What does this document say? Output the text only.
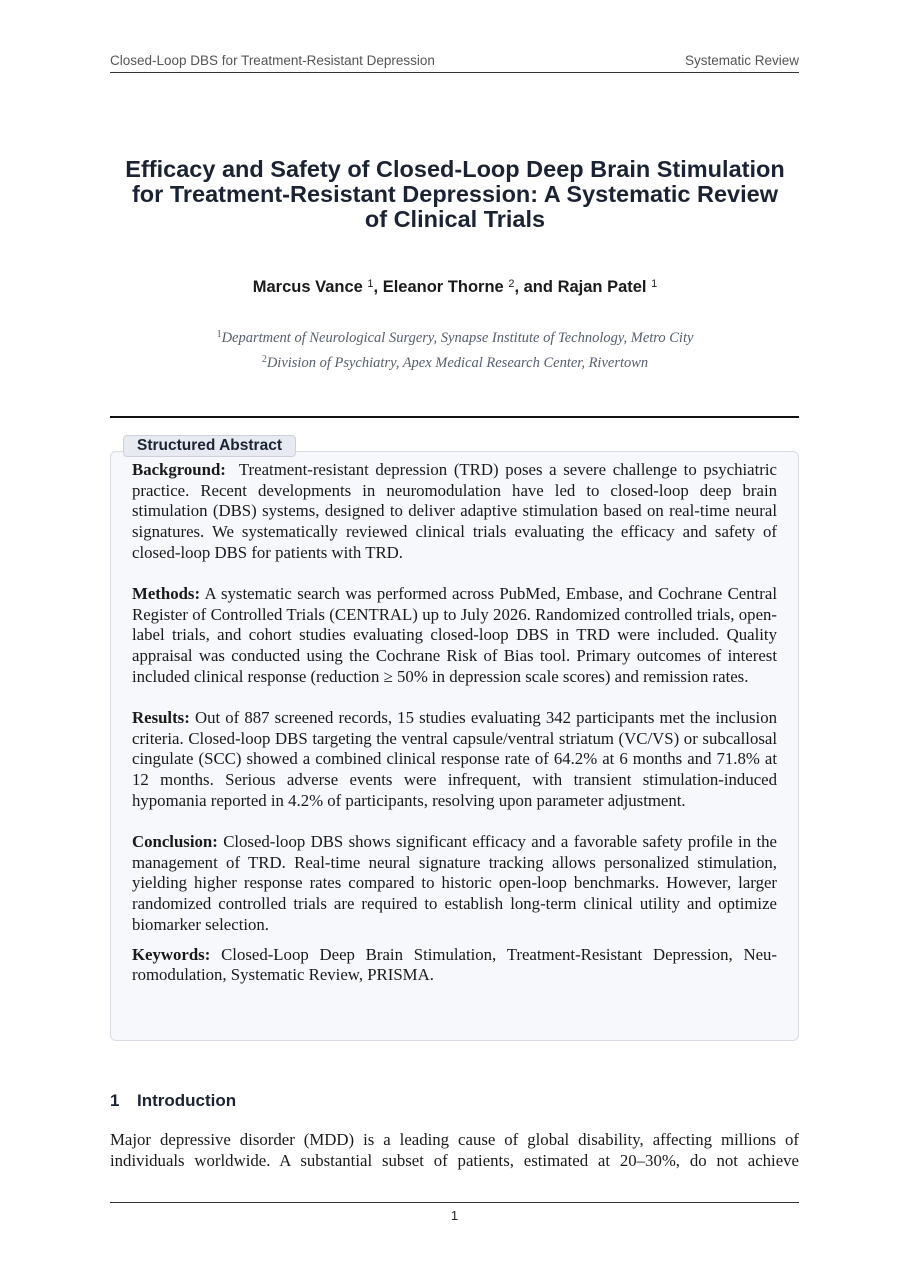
Closed-Loop DBS for Treatment-Resistant Depression	Systematic Review
Efficacy and Safety of Closed-Loop Deep Brain Stimulation
for Treatment-Resistant Depression: A Systematic Review
of Clinical Trials
Marcus Vance $^1$, Eleanor Thorne $^2$, and Rajan Patel $^1$
$^1$Department of Neurological Surgery, Synapse Institute of Technology, Metro City
$^2$Division of Psychiatry, Apex Medical Research Center, Rivertown
Structured Abstract

Background: Treatment-resistant depression (TRD) poses a severe challenge to psychiatric practice. Recent developments in neuromodulation have led to closed-loop deep brain stimulation (DBS) systems, designed to deliver adaptive stimulation based on real-time neural signatures. We systematically reviewed clinical trials evaluating the efficacy and safety of closed-loop DBS for patients with TRD.

Methods: A systematic search was performed across PubMed, Embase, and Cochrane Central Register of Controlled Trials (CENTRAL) up to July 2026. Randomized controlled trials, open-label trials, and cohort studies evaluating closed-loop DBS in TRD were included. Quality appraisal was conducted using the Cochrane Risk of Bias tool. Primary outcomes of interest included clinical response (reduction ≥ 50% in depression scale scores) and remission rates.

Results: Out of 887 screened records, 15 studies evaluating 342 participants met the inclusion criteria. Closed-loop DBS targeting the ventral capsule/ventral striatum (VC/VS) or subcallosal cingulate (SCC) showed a combined clinical response rate of 64.2% at 6 months and 71.8% at 12 months. Serious adverse events were infrequent, with transient stimulation-induced hypomania reported in 4.2% of participants, resolving upon parameter adjustment.

Conclusion: Closed-loop DBS shows significant efficacy and a favorable safety profile in the management of TRD. Real-time neural signature tracking allows personalized stimulation, yielding higher response rates compared to historic open-loop benchmarks. However, larger randomized controlled trials are required to establish long-term clinical utility and optimize biomarker selection.

Keywords: Closed-Loop Deep Brain Stimulation, Treatment-Resistant Depression, Neuromodulation, Systematic Review, PRISMA.

1 Introduction

Major depressive disorder (MDD) is a leading cause of global disability, affecting millions of individuals worldwide. A substantial subset of patients, estimated at 20–30%, do not achieve

1
